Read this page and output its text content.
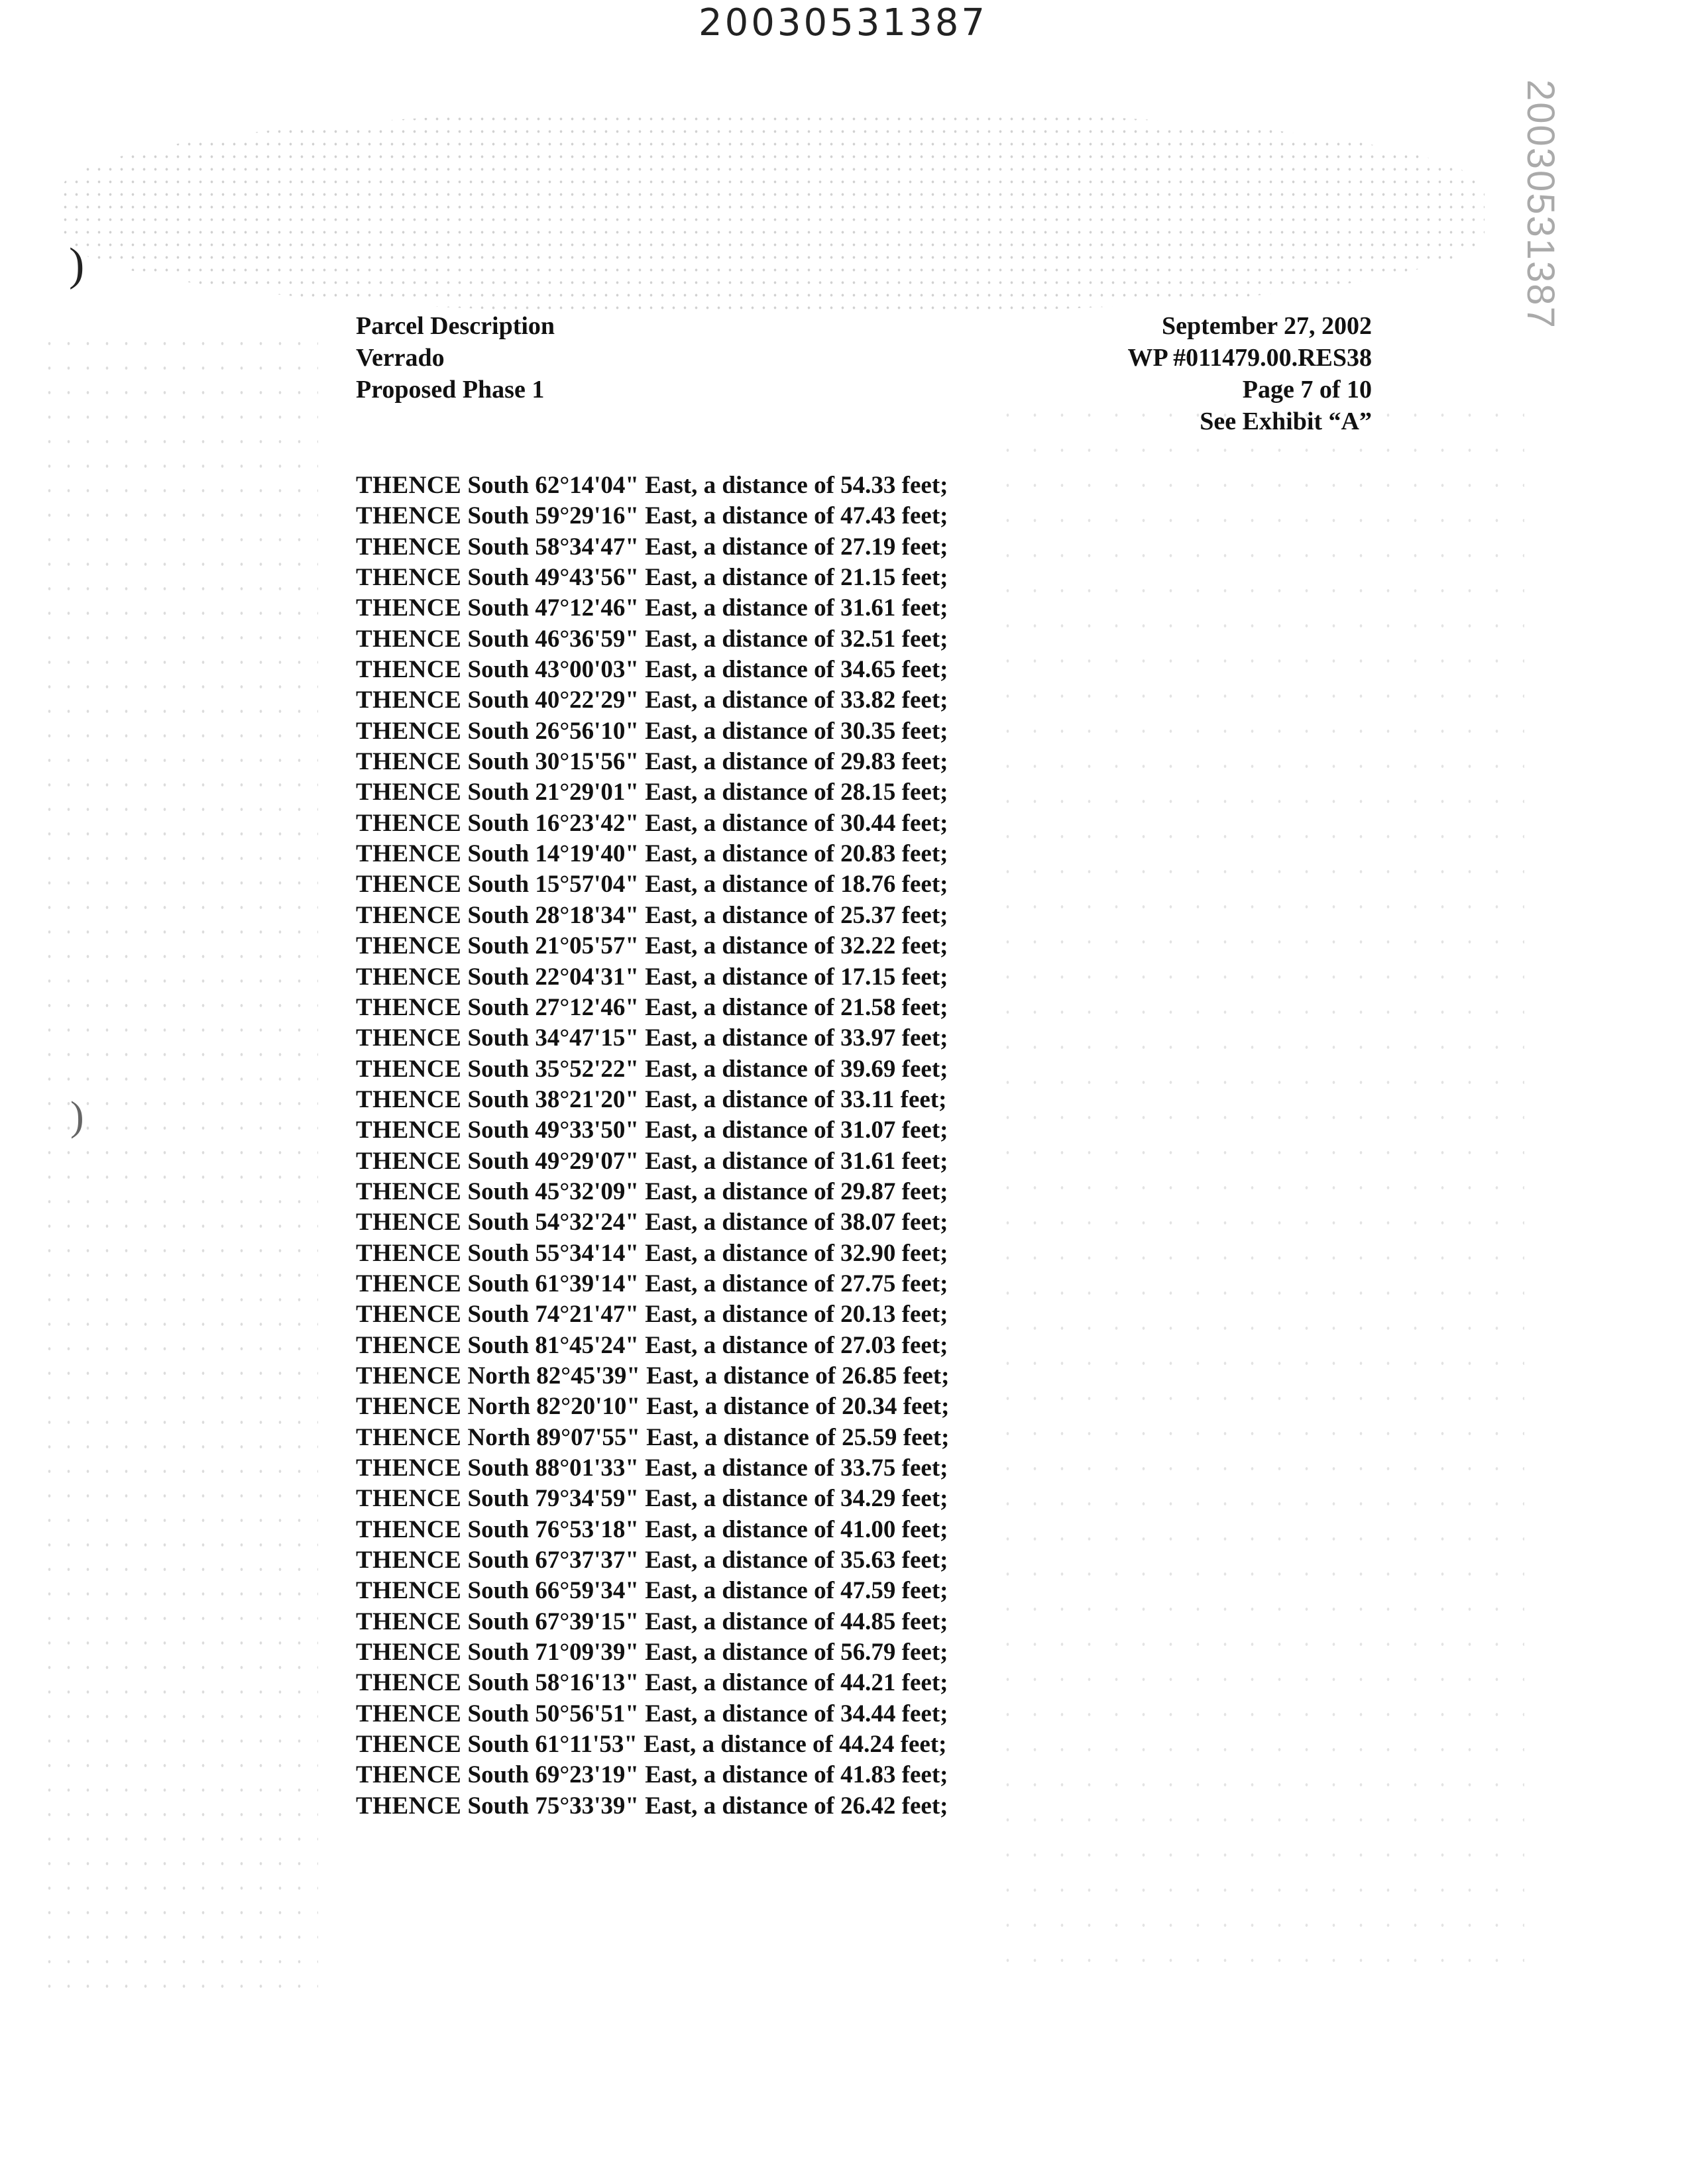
20030531387
20030531387
)
)
Parcel Description
Verrado
Proposed Phase 1
September 27, 2002
WP #011479.00.RES38
Page 7 of 10
See Exhibit “A”
THENCE South 62°14'04" East, a distance of 54.33 feet;
THENCE South 59°29'16" East, a distance of 47.43 feet;
THENCE South 58°34'47" East, a distance of 27.19 feet;
THENCE South 49°43'56" East, a distance of 21.15 feet;
THENCE South 47°12'46" East, a distance of 31.61 feet;
THENCE South 46°36'59" East, a distance of 32.51 feet;
THENCE South 43°00'03" East, a distance of 34.65 feet;
THENCE South 40°22'29" East, a distance of 33.82 feet;
THENCE South 26°56'10" East, a distance of 30.35 feet;
THENCE South 30°15'56" East, a distance of 29.83 feet;
THENCE South 21°29'01" East, a distance of 28.15 feet;
THENCE South 16°23'42" East, a distance of 30.44 feet;
THENCE South 14°19'40" East, a distance of 20.83 feet;
THENCE South 15°57'04" East, a distance of 18.76 feet;
THENCE South 28°18'34" East, a distance of 25.37 feet;
THENCE South 21°05'57" East, a distance of 32.22 feet;
THENCE South 22°04'31" East, a distance of 17.15 feet;
THENCE South 27°12'46" East, a distance of 21.58 feet;
THENCE South 34°47'15" East, a distance of 33.97 feet;
THENCE South 35°52'22" East, a distance of 39.69 feet;
THENCE South 38°21'20" East, a distance of 33.11 feet;
THENCE South 49°33'50" East, a distance of 31.07 feet;
THENCE South 49°29'07" East, a distance of 31.61 feet;
THENCE South 45°32'09" East, a distance of 29.87 feet;
THENCE South 54°32'24" East, a distance of 38.07 feet;
THENCE South 55°34'14" East, a distance of 32.90 feet;
THENCE South 61°39'14" East, a distance of 27.75 feet;
THENCE South 74°21'47" East, a distance of 20.13 feet;
THENCE South 81°45'24" East, a distance of 27.03 feet;
THENCE North 82°45'39" East, a distance of 26.85 feet;
THENCE North 82°20'10" East, a distance of 20.34 feet;
THENCE North 89°07'55" East, a distance of 25.59 feet;
THENCE South 88°01'33" East, a distance of 33.75 feet;
THENCE South 79°34'59" East, a distance of 34.29 feet;
THENCE South 76°53'18" East, a distance of 41.00 feet;
THENCE South 67°37'37" East, a distance of 35.63 feet;
THENCE South 66°59'34" East, a distance of 47.59 feet;
THENCE South 67°39'15" East, a distance of 44.85 feet;
THENCE South 71°09'39" East, a distance of 56.79 feet;
THENCE South 58°16'13" East, a distance of 44.21 feet;
THENCE South 50°56'51" East, a distance of 34.44 feet;
THENCE South 61°11'53" East, a distance of 44.24 feet;
THENCE South 69°23'19" East, a distance of 41.83 feet;
THENCE South 75°33'39" East, a distance of 26.42 feet;
